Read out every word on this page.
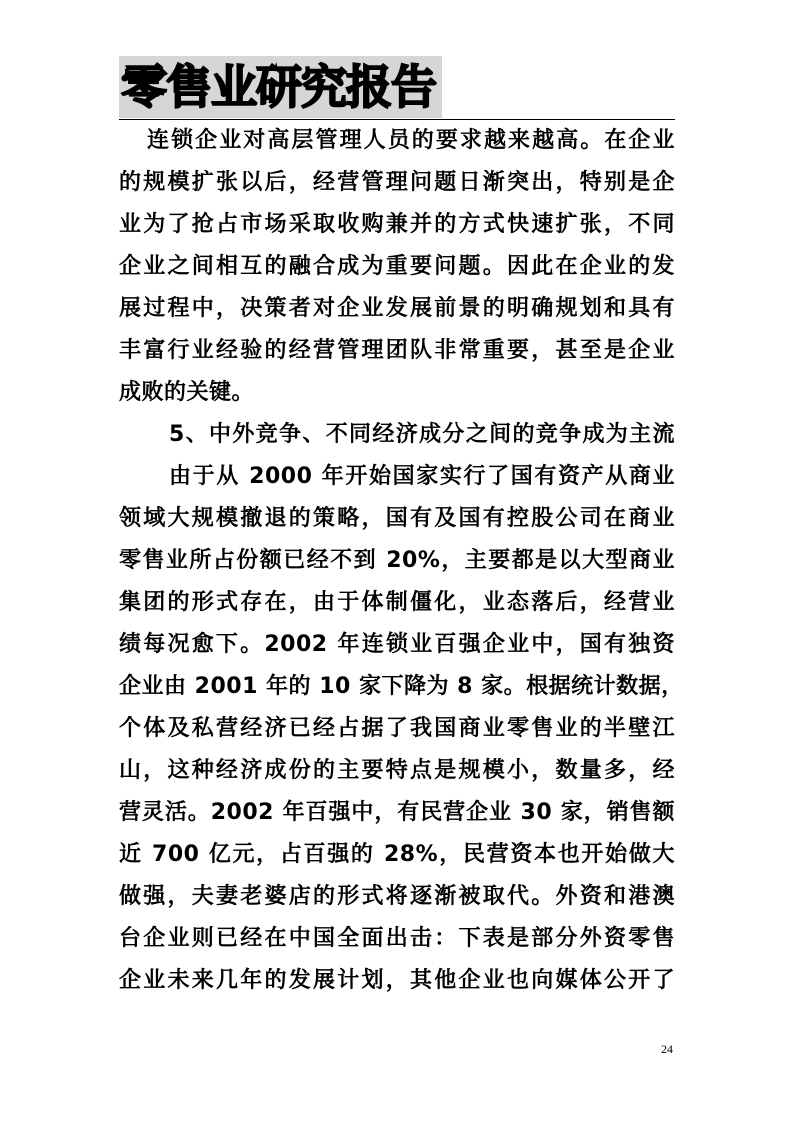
零售业研究报告
连锁企业对高层管理人员的要求越来越高。在企业
的规模扩张以后，经营管理问题日渐突出，特别是企
业为了抢占市场采取收购兼并的方式快速扩张，不同
企业之间相互的融合成为重要问题。因此在企业的发
展过程中，决策者对企业发展前景的明确规划和具有
丰富行业经验的经营管理团队非常重要，甚至是企业
成败的关键。
5、中外竞争、不同经济成分之间的竞争成为主流
由于从 2000 年开始国家实行了国有资产从商业
领域大规模撤退的策略，国有及国有控股公司在商业
零售业所占份额已经不到 20%，主要都是以大型商业
集团的形式存在，由于体制僵化，业态落后，经营业
绩每况愈下。2002 年连锁业百强企业中，国有独资
企业由 2001 年的 10 家下降为 8 家。根据统计数据，
个体及私营经济已经占据了我国商业零售业的半壁江
山，这种经济成份的主要特点是规模小，数量多，经
营灵活。2002 年百强中，有民营企业 30 家，销售额
近 700 亿元，占百强的 28%，民营资本也开始做大
做强，夫妻老婆店的形式将逐渐被取代。外资和港澳
台企业则已经在中国全面出击：下表是部分外资零售
企业未来几年的发展计划，其他企业也向媒体公开了
24
